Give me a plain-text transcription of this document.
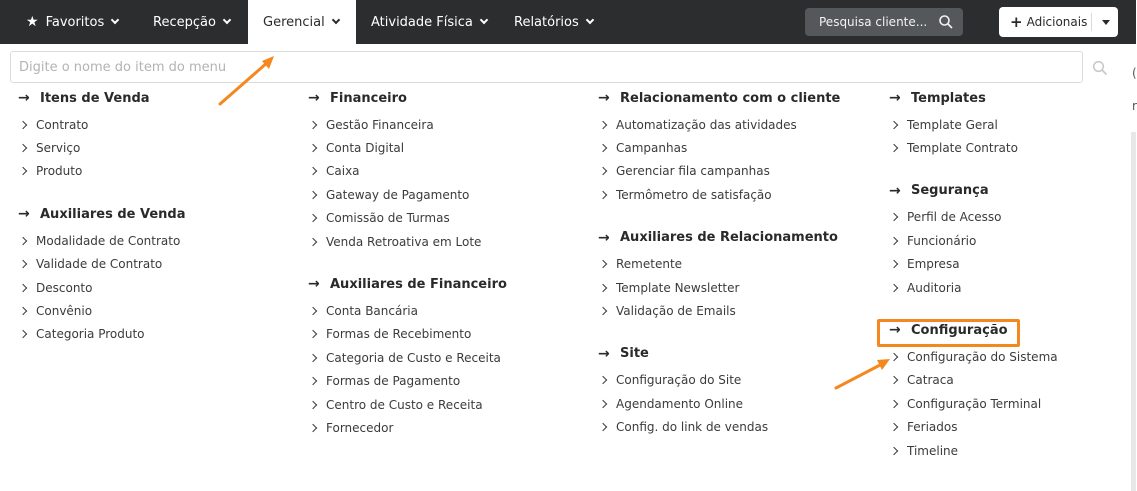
★ Favoritos	Recepção	Gerencial	Atividade Física	Relatórios	Pesquisa cliente...	+ Adicionais
Digite o nome do item do menu
(
r
→ Itens de Venda
Contrato
Serviço
Produto
→ Auxiliares de Venda
Modalidade de Contrato
Validade de Contrato
Desconto
Convênio
Categoria Produto
→ Financeiro
Gestão Financeira
Conta Digital
Caixa
Gateway de Pagamento
Comissão de Turmas
Venda Retroativa em Lote
→ Auxiliares de Financeiro
Conta Bancária
Formas de Recebimento
Categoria de Custo e Receita
Formas de Pagamento
Centro de Custo e Receita
Fornecedor
→ Relacionamento com o cliente
Automatização das atividades
Campanhas
Gerenciar fila campanhas
Termômetro de satisfação
→ Auxiliares de Relacionamento
Remetente
Template Newsletter
Validação de Emails
→ Site
Configuração do Site
Agendamento Online
Config. do link de vendas
→ Templates
Template Geral
Template Contrato
→ Segurança
Perfil de Acesso
Funcionário
Empresa
Auditoria
→ Configuração
Configuração do Sistema
Catraca
Configuração Terminal
Feriados
Timeline
